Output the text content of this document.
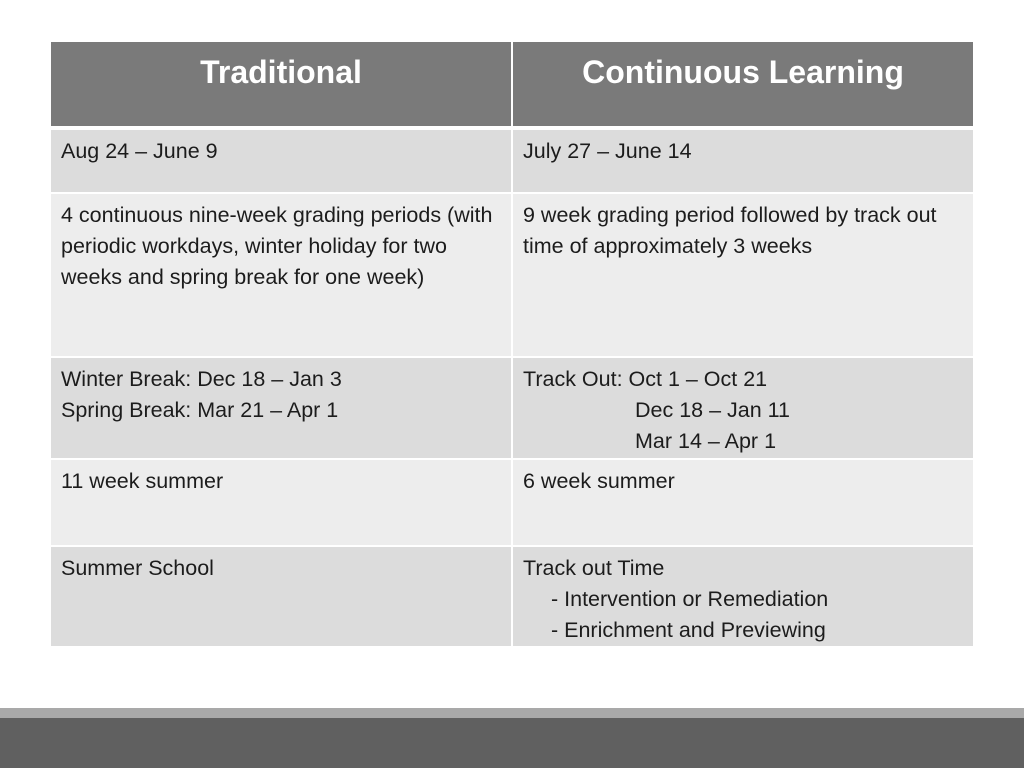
Traditional	Continuous Learning

Aug 24 – June 9	July 27 – June 14

4 continuous nine-week grading periods (with periodic workdays, winter holiday for two weeks and spring break for one week)	9 week grading period followed by track out time of approximately 3 weeks

Winter Break: Dec 18 – Jan 3
Spring Break: Mar 21 – Apr 1	Track Out: Oct 1 – Oct 21
Dec 18 – Jan 11
Mar 14 – Apr 1

11 week summer	6 week summer

Summer School	Track out Time
- Intervention or Remediation
- Enrichment and Previewing
